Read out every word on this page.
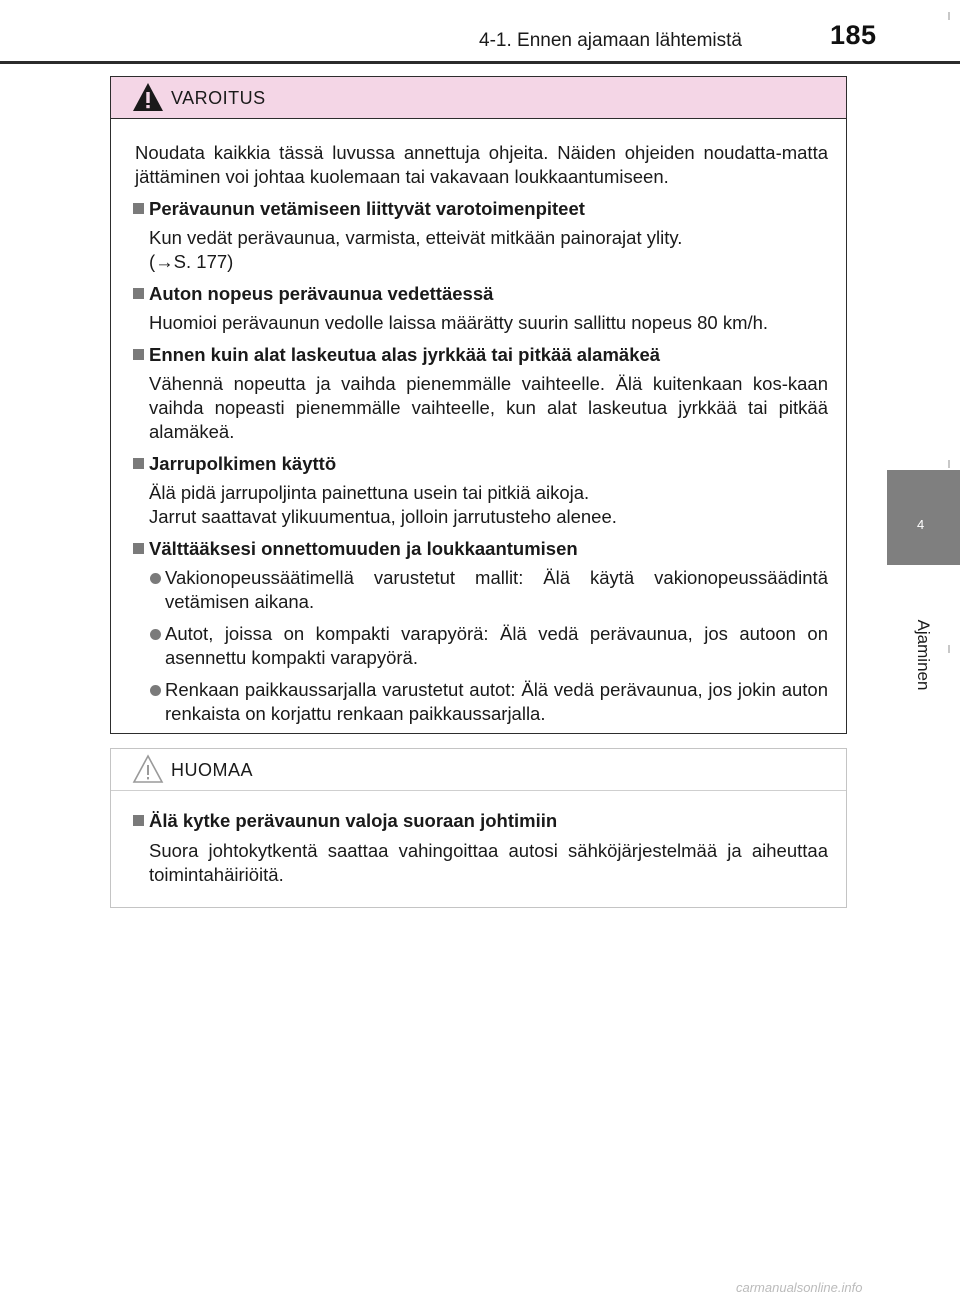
4-1. Ennen ajamaan lähtemistä	185
4
Ajaminen
VAROITUS

Noudata kaikkia tässä luvussa annettuja ohjeita. Näiden ohjeiden noudatta-matta jättäminen voi johtaa kuolemaan tai vakavaan loukkaantumiseen.

Perävaunun vetämiseen liittyvät varotoimenpiteet
Kun vedät perävaunua, varmista, etteivät mitkään painorajat ylity.
(→S. 177)
Auton nopeus perävaunua vedettäessä
Huomioi perävaunun vedolle laissa määrätty suurin sallittu nopeus 80 km/h.
Ennen kuin alat laskeutua alas jyrkkää tai pitkää alamäkeä
Vähennä nopeutta ja vaihda pienemmälle vaihteelle. Älä kuitenkaan kos-kaan vaihda nopeasti pienemmälle vaihteelle, kun alat laskeutua jyrkkää tai pitkää alamäkeä.
Jarrupolkimen käyttö
Älä pidä jarrupoljinta painettuna usein tai pitkiä aikoja.
Jarrut saattavat ylikuumentua, jolloin jarrutusteho alenee.
Välttääksesi onnettomuuden ja loukkaantumisen
Vakionopeussäätimellä varustetut mallit: Älä käytä vakionopeussäädintä vetämisen aikana.
Autot, joissa on kompakti varapyörä: Älä vedä perävaunua, jos autoon on asennettu kompakti varapyörä.
Renkaan paikkaussarjalla varustetut autot: Älä vedä perävaunua, jos jokin auton renkaista on korjattu renkaan paikkaussarjalla.
HUOMAA
Älä kytke perävaunun valoja suoraan johtimiin
Suora johtokytkentä saattaa vahingoittaa autosi sähköjärjestelmää ja aiheuttaa toimintahäiriöitä.
carmanualsonline.info
